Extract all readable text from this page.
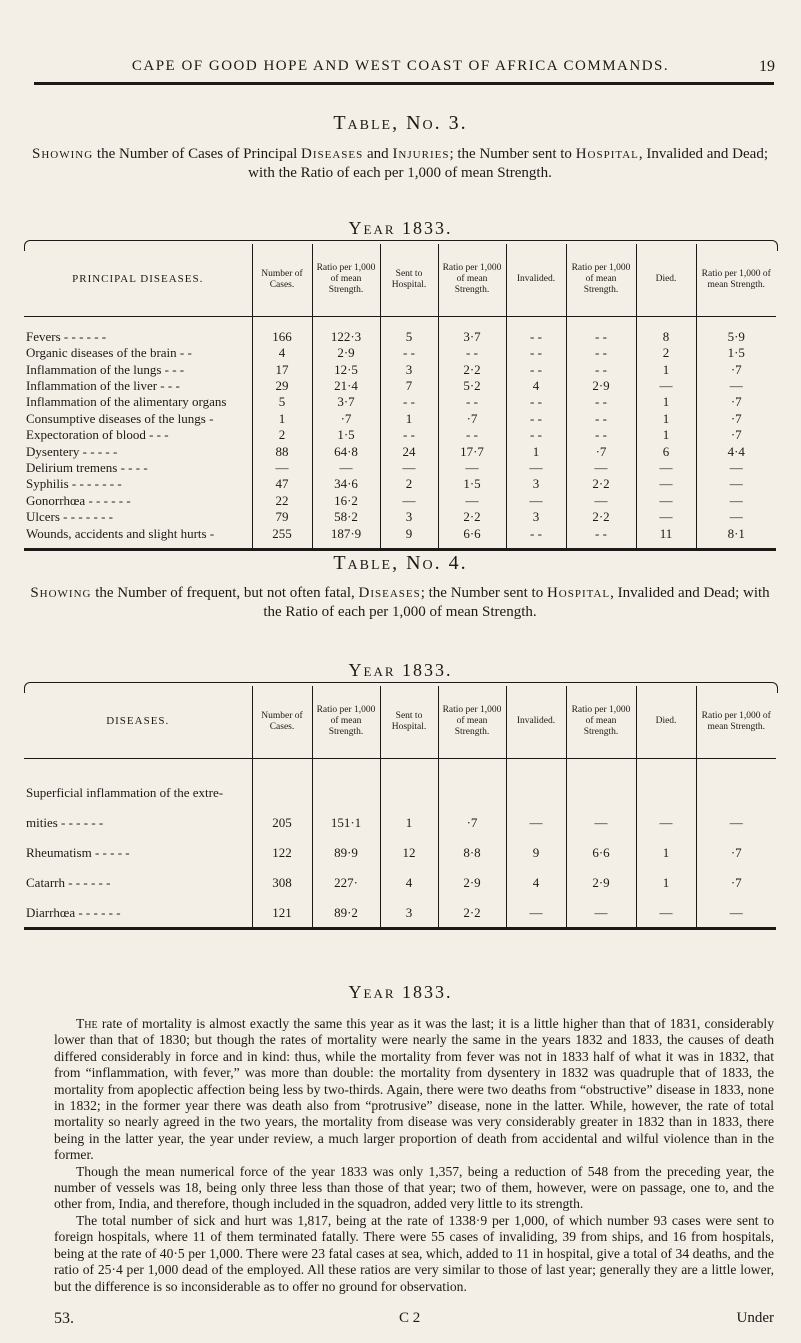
CAPE OF GOOD HOPE AND WEST COAST OF AFRICA COMMANDS.	19
Table, No. 3.
Showing the Number of Cases of Principal Diseases and Injuries; the Number sent to Hospital, Invalided and Dead; with the Ratio of each per 1,000 of mean Strength.
Year 1833.
PRINCIPAL DISEASES.	Number of Cases.	Ratio per 1,000 of mean Strength.	Sent to Hospital.	Ratio per 1,000 of mean Strength.	Invalided.	Ratio per 1,000 of mean Strength.	Died.	Ratio per 1,000 of mean Strength.
Fevers - - - - - -	166	122·3	5	3·7	- -	- -	8	5·9
Organic diseases of the brain - -	4	2·9	- -	- -	- -	- -	2	1·5
Inflammation of the lungs - - -	17	12·5	3	2·2	- -	- -	1	·7
Inflammation of the liver - - -	29	21·4	7	5·2	4	2·9	—	—
Inflammation of the alimentary organs	5	3·7	- -	- -	- -	- -	1	·7
Consumptive diseases of the lungs -	1	·7	1	·7	- -	- -	1	·7
Expectoration of blood - - -	2	1·5	- -	- -	- -	- -	1	·7
Dysentery - - - - -	88	64·8	24	17·7	1	·7	6	4·4
Delirium tremens - - - -	—	—	—	—	—	—	—	—
Syphilis - - - - - - -	47	34·6	2	1·5	3	2·2	—	—
Gonorrhœa - - - - - -	22	16·2	—	—	—	—	—	—
Ulcers - - - - - - -	79	58·2	3	2·2	3	2·2	—	—
Wounds, accidents and slight hurts -	255	187·9	9	6·6	- -	- -	11	8·1
Table, No. 4.
Showing the Number of frequent, but not often fatal, Diseases; the Number sent to Hospital, Invalided and Dead; with the Ratio of each per 1,000 of mean Strength.
Year 1833.
DISEASES.	Number of Cases.	Ratio per 1,000 of mean Strength.	Sent to Hospital.	Ratio per 1,000 of mean Strength.	Invalided.	Ratio per 1,000 of mean Strength.	Died.	Ratio per 1,000 of mean Strength.
Superficial inflammation of the extre-								
mities - - - - - -	205	151·1	1	·7	—	—	—	—
Rheumatism - - - - -	122	89·9	12	8·8	9	6·6	1	·7
Catarrh - - - - - -	308	227·	4	2·9	4	2·9	1	·7
Diarrhœa - - - - - -	121	89·2	3	2·2	—	—	—	—
Year 1833.

The rate of mortality is almost exactly the same this year as it was the last; it is a little higher than that of 1831, considerably lower than that of 1830; but though the rates of mortality were nearly the same in the years 1832 and 1833, the causes of death differed considerably in force and in kind: thus, while the mortality from fever was not in 1833 half of what it was in 1832, that from “inflammation, with fever,” was more than double: the mortality from dysentery in 1832 was quadruple that of 1833, the mortality from apoplectic affection being less by two-thirds. Again, there were two deaths from “obstructive” disease in 1833, none in 1832; in the former year there was death also from “protrusive” disease, none in the latter. While, however, the rate of total mortality so nearly agreed in the two years, the mortality from disease was very considerably greater in 1832 than in 1833, there being in the latter year, the year under review, a much larger proportion of death from accidental and wilful violence than in the former.

Though the mean numerical force of the year 1833 was only 1,357, being a reduction of 548 from the preceding year, the number of vessels was 18, being only three less than those of that year; two of them, however, were on passage, one to, and the other from, India, and therefore, though included in the squadron, added very little to its strength.

The total number of sick and hurt was 1,817, being at the rate of 1338·9 per 1,000, of which number 93 cases were sent to foreign hospitals, where 11 of them terminated fatally. There were 55 cases of invaliding, 39 from ships, and 16 from hospitals, being at the rate of 40·5 per 1,000. There were 23 fatal cases at sea, which, added to 11 in hospital, give a total of 34 deaths, and the ratio of 25·4 per 1,000 dead of the employed. All these ratios are very similar to those of last year; generally they are a little lower, but the difference is so inconsiderable as to offer no ground for observation.

53.	C 2	Under
